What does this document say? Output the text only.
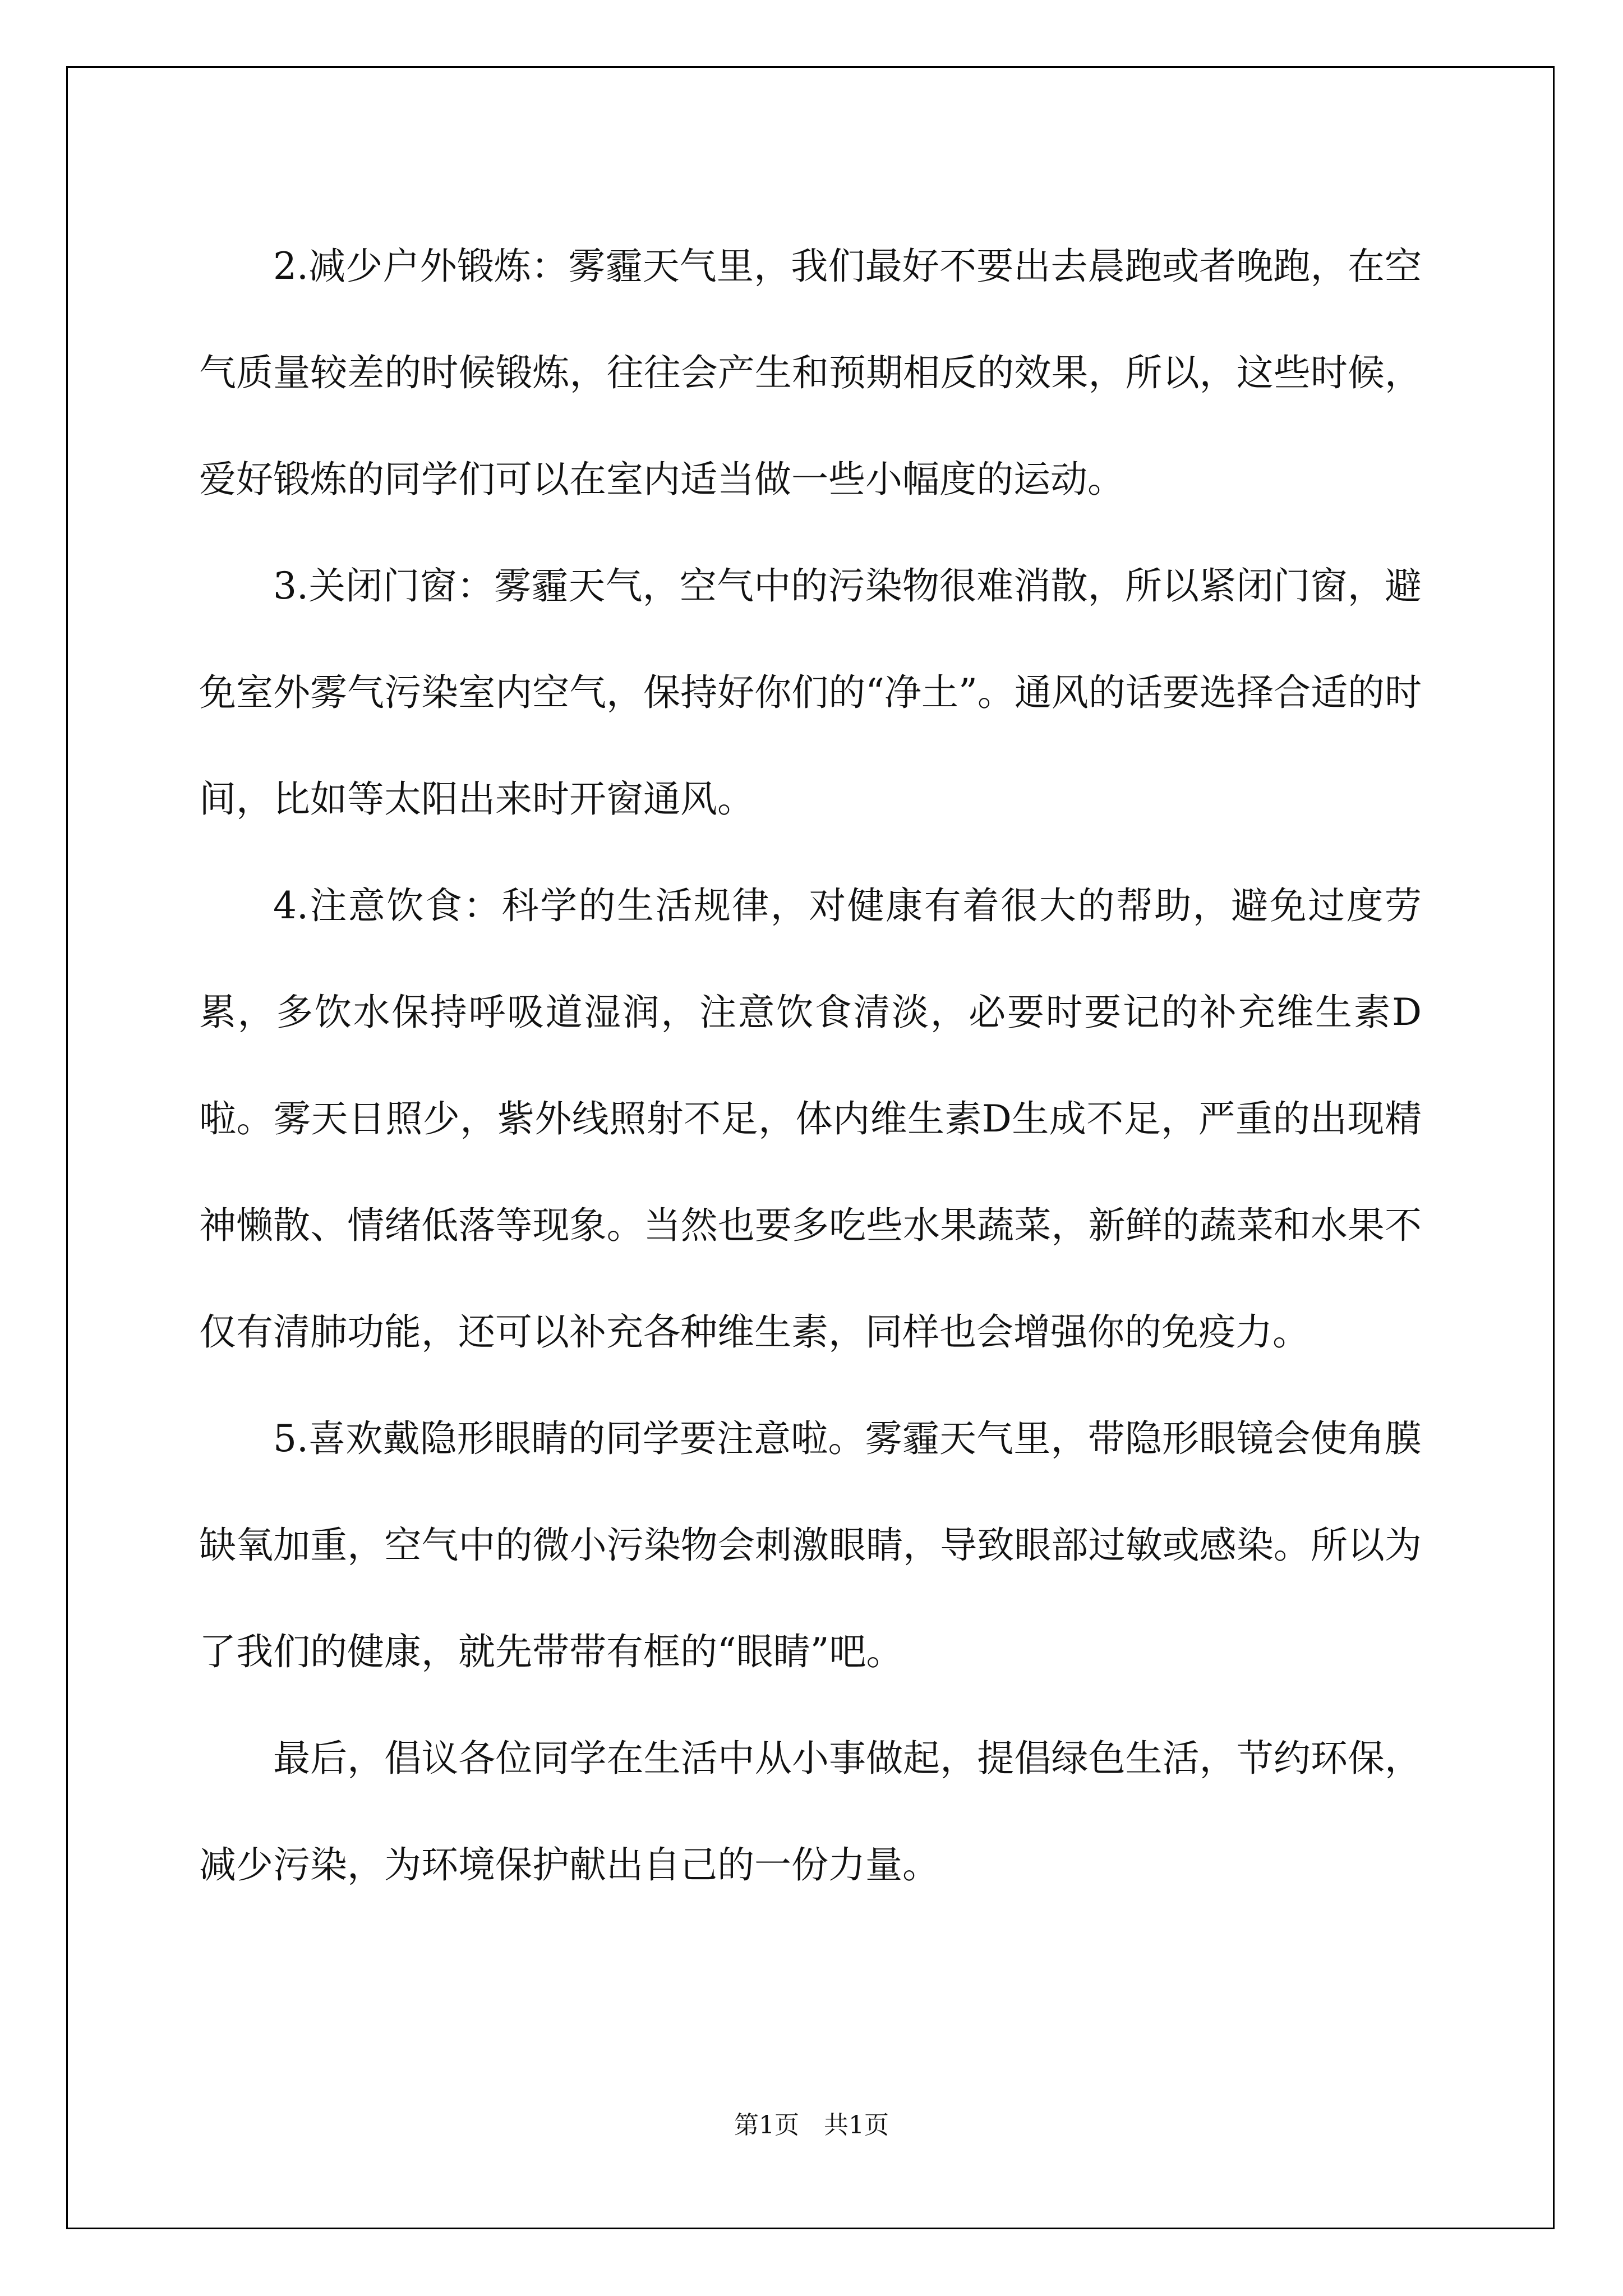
2.减少户外锻炼：雾霾天气里，我们最好不要出去晨跑或者晚跑，在空气质量较差的时候锻炼，往往会产生和预期相反的效果，所以，这些时候，爱好锻炼的同学们可以在室内适当做一些小幅度的运动。

3.关闭门窗：雾霾天气，空气中的污染物很难消散，所以紧闭门窗，避免室外雾气污染室内空气，保持好你们的“净土”。通风的话要选择合适的时间，比如等太阳出来时开窗通风。

4.注意饮食：科学的生活规律，对健康有着很大的帮助，避免过度劳累，多饮水保持呼吸道湿润，注意饮食清淡，必要时要记的补充维生素D啦。雾天日照少，紫外线照射不足，体内维生素D生成不足，严重的出现精神懒散、情绪低落等现象。当然也要多吃些水果蔬菜，新鲜的蔬菜和水果不仅有清肺功能，还可以补充各种维生素，同样也会增强你的免疫力。

5.喜欢戴隐形眼睛的同学要注意啦。雾霾天气里，带隐形眼镜会使角膜缺氧加重，空气中的微小污染物会刺激眼睛，导致眼部过敏或感染。所以为了我们的健康，就先带带有框的“眼睛”吧。

最后，倡议各位同学在生活中从小事做起，提倡绿色生活，节约环保，减少污染，为环境保护献出自己的一份力量。

第1页　共1页
